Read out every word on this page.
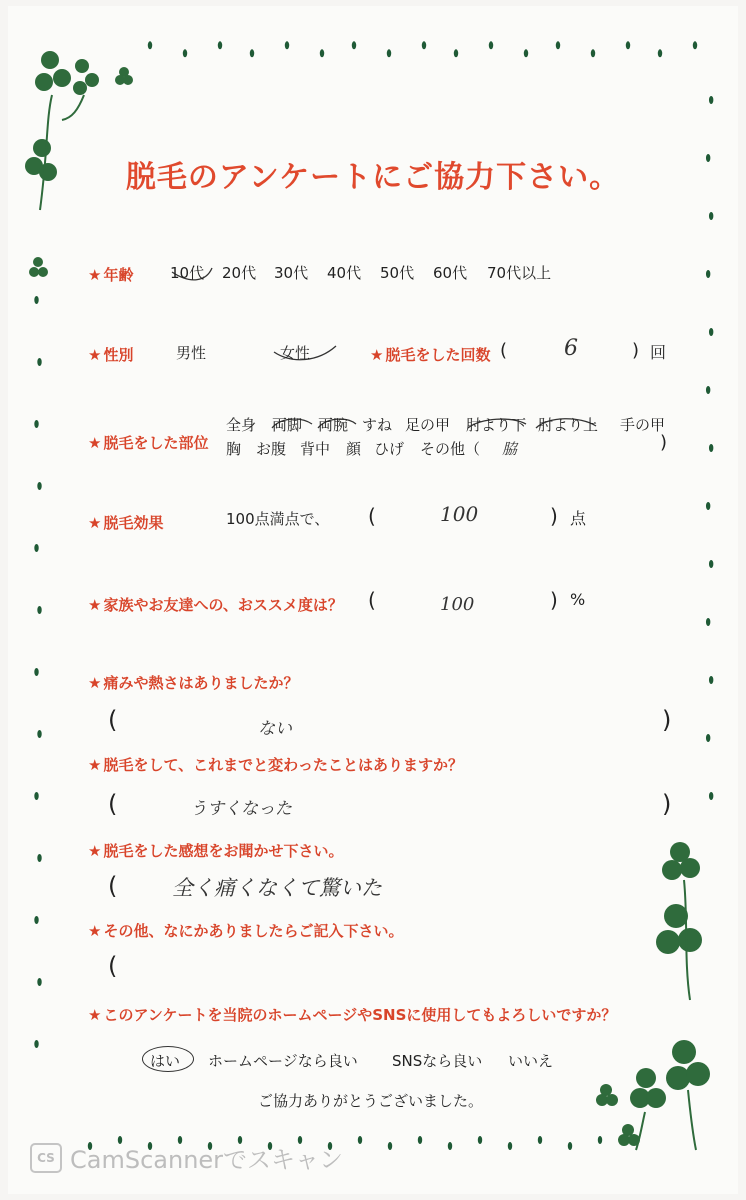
脱毛のアンケートにご協力下さい。
★ 年齢 10代 20代 30代 40代 50代 60代 70代以上
★ 性別	男性	女性	★ 脱毛をした回数 (	6	) 回
★ 脱毛をした部位
全身 両脚 両腕 すね 足の甲 肘より下 肘より上 手の甲
胸 お腹 背中 顔 ひげ その他（ 脇	)
★ 脱毛効果	100点満点で、 (	100	) 点
★ 家族やお友達への、おススメ度は？ (	100	) %
★ 痛みや熱さはありましたか？
(	ない	)
★ 脱毛をして、これまでと変わったことはありますか？
(	うすくなった	)
★ 脱毛をした感想をお聞かせ下さい。
(	全く痛くなくて驚いた
★ その他、なにかありましたらご記入下さい。
(
★ このアンケートを当院のホームページやSNSに使用してもよろしいですか？
はい ホームページなら良い SNSなら良い いいえ
ご協力ありがとうございました。
CS CamScannerでスキャン
